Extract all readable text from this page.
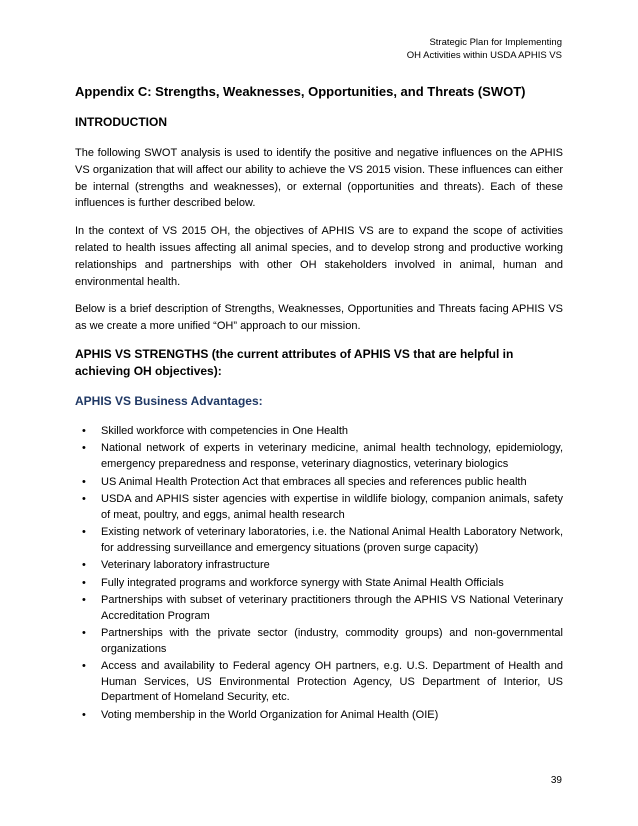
Strategic Plan for Implementing
OH Activities within USDA APHIS VS
Appendix C: Strengths, Weaknesses, Opportunities, and Threats (SWOT)
INTRODUCTION

The following SWOT analysis is used to identify the positive and negative influences on the APHIS VS organization that will affect our ability to achieve the VS 2015 vision. These influences can either be internal (strengths and weaknesses), or external (opportunities and threats). Each of these influences is further described below.

In the context of VS 2015 OH, the objectives of APHIS VS are to expand the scope of activities related to health issues affecting all animal species, and to develop strong and productive working relationships and partnerships with other OH stakeholders involved in animal, human and environmental health.

Below is a brief description of Strengths, Weaknesses, Opportunities and Threats facing APHIS VS as we create a more unified “OH” approach to our mission.

APHIS VS STRENGTHS (the current attributes of APHIS VS that are helpful in achieving OH objectives):
APHIS VS Business Advantages:
• Skilled workforce with competencies in One Health
• National network of experts in veterinary medicine, animal health technology, epidemiology, emergency preparedness and response, veterinary diagnostics, veterinary biologics
• US Animal Health Protection Act that embraces all species and references public health
• USDA and APHIS sister agencies with expertise in wildlife biology, companion animals, safety of meat, poultry, and eggs, animal health research
• Existing network of veterinary laboratories, i.e. the National Animal Health Laboratory Network, for addressing surveillance and emergency situations (proven surge capacity)
• Veterinary laboratory infrastructure
• Fully integrated programs and workforce synergy with State Animal Health Officials
• Partnerships with subset of veterinary practitioners through the APHIS VS National Veterinary Accreditation Program
• Partnerships with the private sector (industry, commodity groups) and non-governmental organizations
• Access and availability to Federal agency OH partners, e.g. U.S. Department of Health and Human Services, US Environmental Protection Agency, US Department of Interior, US Department of Homeland Security, etc.
• Voting membership in the World Organization for Animal Health (OIE)
39
